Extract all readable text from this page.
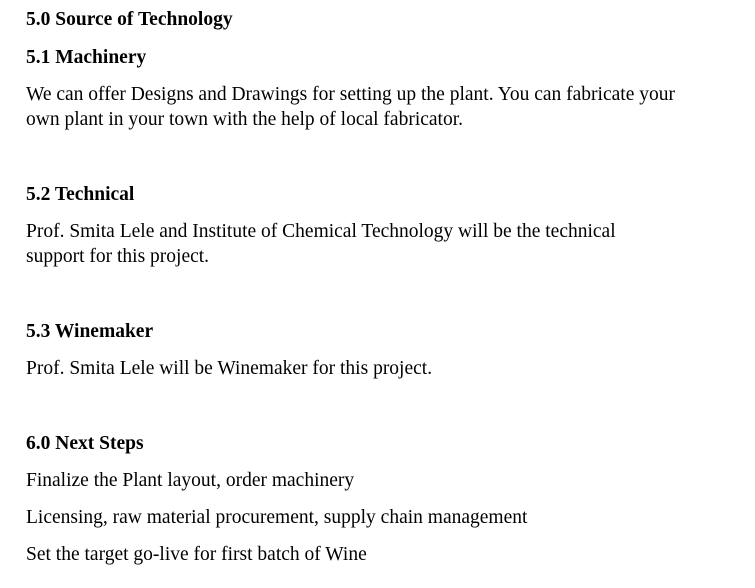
5.0 Source of Technology
5.1 Machinery
We can offer Designs and Drawings for setting up the plant. You can fabricate your
own plant in your town with the help of local fabricator.
5.2 Technical
Prof. Smita Lele and Institute of Chemical Technology will be the technical
support for this project.
5.3 Winemaker
Prof. Smita Lele will be Winemaker for this project.
6.0 Next Steps
Finalize the Plant layout, order machinery
Licensing, raw material procurement, supply chain management
Set the target go-live for first batch of Wine
